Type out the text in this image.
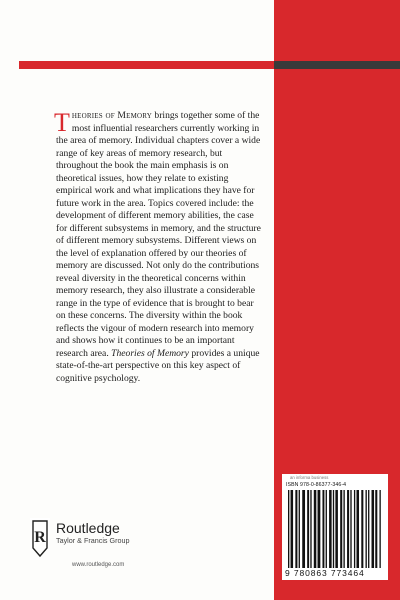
Theories of Memory brings together some of the most influential researchers currently working in the area of memory. Individual chapters cover a wide range of key areas of memory research, but throughout the book the main emphasis is on theoretical issues, how they relate to existing empirical work and what implications they have for future work in the area. Topics covered include: the development of different memory abilities, the case for different subsystems in memory, and the structure of different memory subsystems. Different views on the level of explanation offered by our theories of memory are discussed. Not only do the contributions reveal diversity in the theoretical concerns within memory research, they also illustrate a considerable range in the type of evidence that is brought to bear on these concerns. The diversity within the book reflects the vigour of modern research into memory and shows how it continues to be an important research area. Theories of Memory provides a unique state-of-the-art perspective on this key aspect of cognitive psychology.

R
Routledge
Taylor & Francis Group
www.routledge.com
an informa business
ISBN 978-0-86377-346-4
9 780863 773464
